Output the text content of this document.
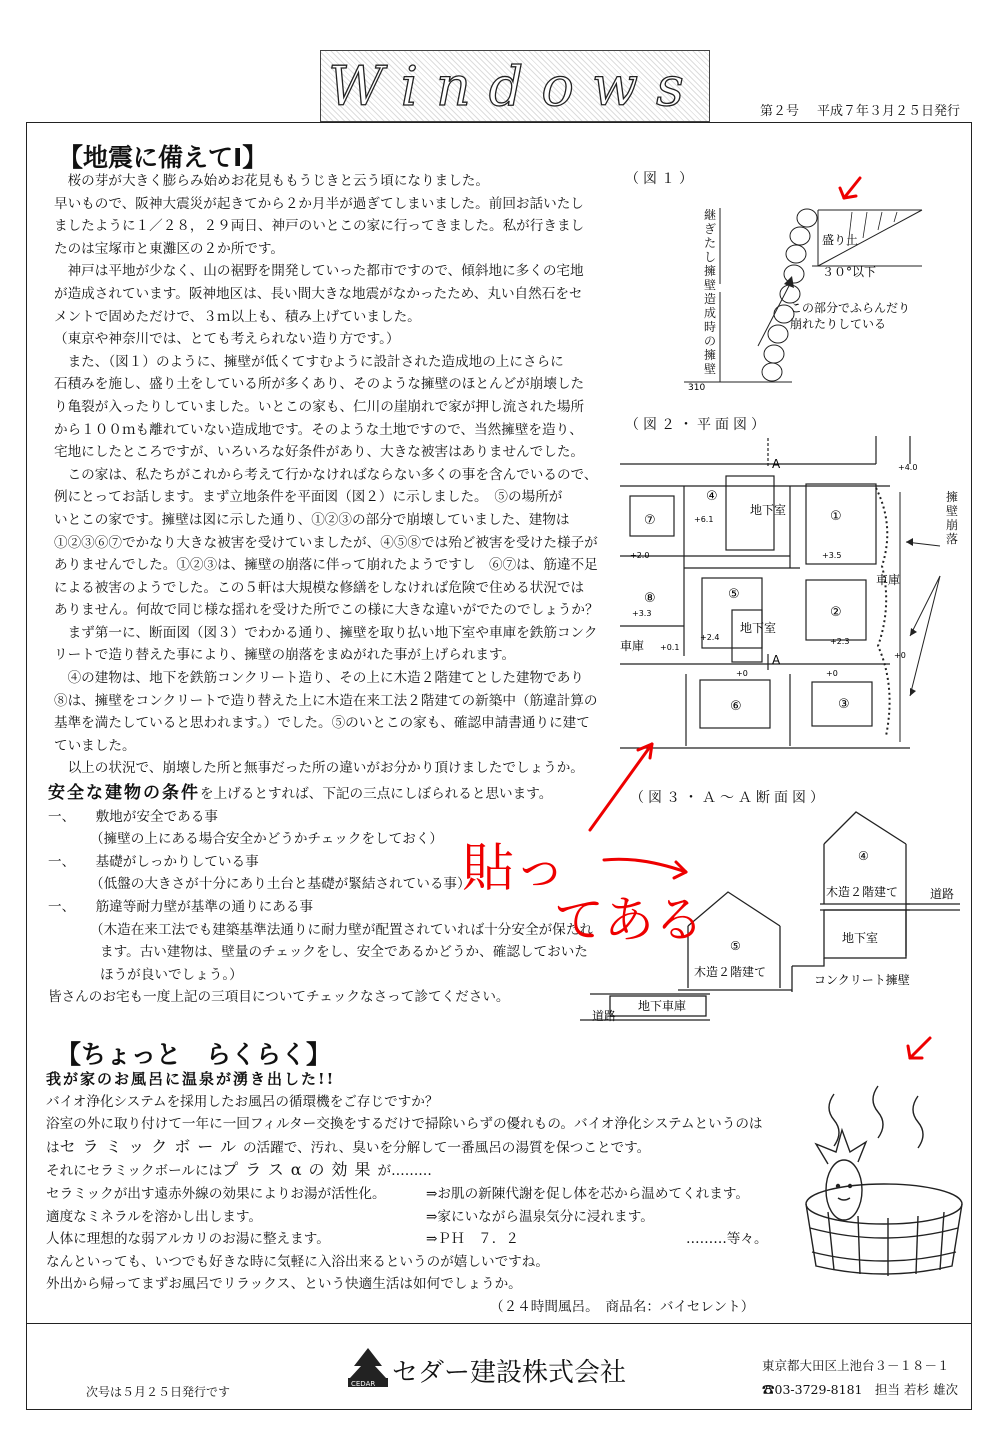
Windows	第２号 平成７年３月２５日発行
【地震に備えてⅠ】

　桜の芽が大きく膨らみ始めお花見ももうじきと云う頃になりました。

早いもので、阪神大震災が起きてから２か月半が過ぎてしまいました。前回お話いたし

ましたように１／２８，２９両日、神戸のいとこの家に行ってきました。私が行きまし

たのは宝塚市と東灘区の２か所です。

　神戸は平地が少なく、山の裾野を開発していった都市ですので、傾斜地に多くの宅地

が造成されています。阪神地区は、長い間大きな地震がなかったため、丸い自然石をセ

メントで固めただけで、３ｍ以上も、積み上げていました。

（東京や神奈川では、とても考えられない造り方です。）

　また、（図１）のように、擁壁が低くてすむように設計された造成地の上にさらに

石積みを施し、盛り土をしている所が多くあり、そのような擁壁のほとんどが崩壊した

り亀裂が入ったりしていました。いとこの家も、仁川の崖崩れで家が押し流された場所

から１００ｍも離れていない造成地です。そのような土地ですので、当然擁壁を造り、

宅地にしたところですが、いろいろな好条件があり、大きな被害はありませんでした。

　この家は、私たちがこれから考えて行かなければならない多くの事を含んでいるので、

例にとってお話します。まず立地条件を平面図（図２）に示しました。　⑤の場所が

いとこの家です。擁壁は図に示した通り、①②③の部分で崩壊していました、建物は

①②③⑥⑦でかなり大きな被害を受けていましたが、④⑤⑧では殆ど被害を受けた様子が

ありませんでした。①②③は、擁壁の崩落に伴って崩れたようですし　⑥⑦は、筋違不足

による被害のようでした。この５軒は大規模な修繕をしなければ危険で住める状況では

ありません。何故で同じ様な揺れを受けた所でこの様に大きな違いがでたのでしょうか？

　まず第一に、断面図（図３）でわかる通り、擁壁を取り払い地下室や車庫を鉄筋コンク

リートで造り替えた事により、擁壁の崩落をまぬがれた事が上げられます。

　④の建物は、地下を鉄筋コンクリート造り、その上に木造２階建てとした建物であり

⑧は、擁壁をコンクリートで造り替えた上に木造在来工法２階建ての新築中（筋違計算の

基準を満たしていると思われます。）でした。⑤のいとこの家も、確認申請書通りに建て

ていました。

　以上の状況で、崩壊した所と無事だった所の違いがお分かり頂けましたでしょうか。

安全な建物の条件を上げるとすれば、下記の三点にしぼられると思います。

一、　　 敷地が安全である事

（擁壁の上にある場合安全かどうかチェックをしておく）

一、　　 基礎がしっかりしている事

（低盤の大きさが十分にあり土台と基礎が緊結されている事）

一、　　 筋違等耐力壁が基準の通りにある事

（木造在来工法でも建築基準法通りに耐力壁が配置されていれば十分安全が保たれ

ます。古い建物は、壁量のチェックをし、安全であるかどうか、確認しておいた

ほうが良いでしょう。）

皆さんのお宅も一度上記の三項目についてチェックなさって診てください。

（図１）
310
盛り土
３０°以下
この部分でふらんだり
崩れたりしている
継ぎたし擁壁
造成時の擁壁
（図２・平面図）
A
A
地下室
車庫
車庫
地下室
⑦
④
①
⑧	⑤
②
⑥	③
+4.0
+6.1
+3.5
+3.3
+2.4	+2.3
+0.1
+0
+0	+0
+2.0
擁壁崩落
（図３・Ａ～Ａ断面図）
④
木造２階建て
地下室
道路
⑤
木造２階建て
コンクリート擁壁
道路
地下車庫
貼っ
てある
【ちょっと　らくらく】

我が家のお風呂に温泉が湧き出した!!

バイオ浄化システムを採用したお風呂の循環機をご存じですか？

浴室の外に取り付けて一年に一回フィルター交換をするだけで掃除いらずの優れもの。バイオ浄化システムというのは

はセラミックボールの活躍で、汚れ、臭いを分解して一番風呂の湯質を保つことです。

それにセラミックボールにはプラスαの効果が………

セラミックが出す遠赤外線の効果によりお湯が活性化。	⇒お肌の新陳代謝を促し体を芯から温めてくれます。

適度なミネラルを溶かし出します。	⇒家にいながら温泉気分に浸れます。

人体に理想的な弱アルカリのお湯に整えます。	⇒ＰＨ　７．２	………等々。

なんといっても、いつでも好きな時に気軽に入浴出来るというのが嬉しいですね。

外出から帰ってまずお風呂でリラックス、という快適生活は如何でしょうか。

（２４時間風呂。　商品名：バイセレント）

CEDAR セダー建設株式会社
次号は５月２５日発行です
東京都大田区上池台３－１８－１
☎03-3729-8181　 担当 若杉 雄次
